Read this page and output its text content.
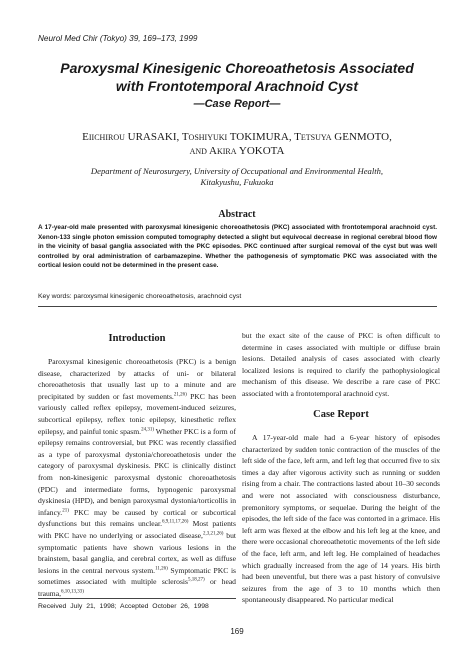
Neurol Med Chir (Tokyo) 39, 169–173, 1999
Paroxysmal Kinesigenic Choreoathetosis Associated
with Frontotemporal Arachnoid Cyst
—Case Report—
Eiichirou URASAKI, Toshiyuki TOKIMURA, Tetsuya GENMOTO,
and Akira YOKOTA
Department of Neurosurgery, University of Occupational and Environmental Health,
Kitakyushu, Fukuoka
Abstract
A 17-year-old male presented with paroxysmal kinesigenic choreoathetosis (PKC) associated with frontotemporal arachnoid cyst. Xenon-133 single photon emission computed tomography detected a slight but equivocal decrease in regional cerebral blood flow in the vicinity of basal ganglia associated with the PKC episodes. PKC continued after surgical removal of the cyst but was well controlled by oral administration of carbamazepine. Whether the pathogenesis of symptomatic PKC was associated with the cortical lesion could not be determined in the present case.
Key words: paroxysmal kinesigenic choreoathetosis, arachnoid cyst
Introduction

Paroxysmal kinesigenic choreoathetosis (PKC) is a benign disease, characterized by attacks of uni- or bilateral choreoathetosis that usually last up to a minute and are precipitated by sudden or fast movements.$^{21,26)}$ PKC has been variously called reflex epilepsy, movement-induced seizures, subcortical epilepsy, reflex tonic epilepsy, kinesthetic reflex epilepsy, and painful tonic spasm.$^{24,31)}$ Whether PKC is a form of epilepsy remains controversial, but PKC was recently classified as a type of paroxysmal dystonia/choreoathetosis under the category of paroxysmal dyskinesis. PKC is clinically distinct from non-kinesigenic paroxysmal dystonic choreoathetosis (PDC) and intermediate forms, hypnogenic paroxysmal dyskinesia (HPD), and benign paroxysmal dystonia/torticollis in infancy.$^{21)}$ PKC may be caused by cortical or subcortical dysfunctions but this remains unclear.$^{6,9,11,17,26)}$ Most patients with PKC have no underlying or associated disease,$^{2,3,21,26)}$ but symptomatic patients have shown various lesions in the brainstem, basal ganglia, and cerebral cortex, as well as diffuse lesions in the central nervous system.$^{11,26)}$ Symptomatic PKC is sometimes associated with multiple sclerosis$^{5,18,27)}$ or head trauma,$^{6,10,13,33)}$

but the exact site of the cause of PKC is often difficult to determine in cases associated with multiple or diffuse brain lesions. Detailed analysis of cases associated with clearly localized lesions is required to clarify the pathophysiological mechanism of this disease. We describe a rare case of PKC associated with a frontotemporal arachnoid cyst.

Case Report

A 17-year-old male had a 6-year history of episodes characterized by sudden tonic contraction of the muscles of the left side of the face, left arm, and left leg that occurred five to six times a day after vigorous activity such as running or sudden rising from a chair. The contractions lasted about 10–30 seconds and were not associated with consciousness disturbance, premonitory symptoms, or sequelae. During the height of the episodes, the left side of the face was contorted in a grimace. His left arm was flexed at the elbow and his left leg at the knee, and there were occasional choreoathetotic movements of the left side of the face, left arm, and left leg. He complained of headaches which gradually increased from the age of 14 years. His birth had been uneventful, but there was a past history of convulsive seizures from the age of 3 to 10 months which then spontaneously disappeared. No particular medical

Received July 21, 1998; Accepted October 26, 1998
169
